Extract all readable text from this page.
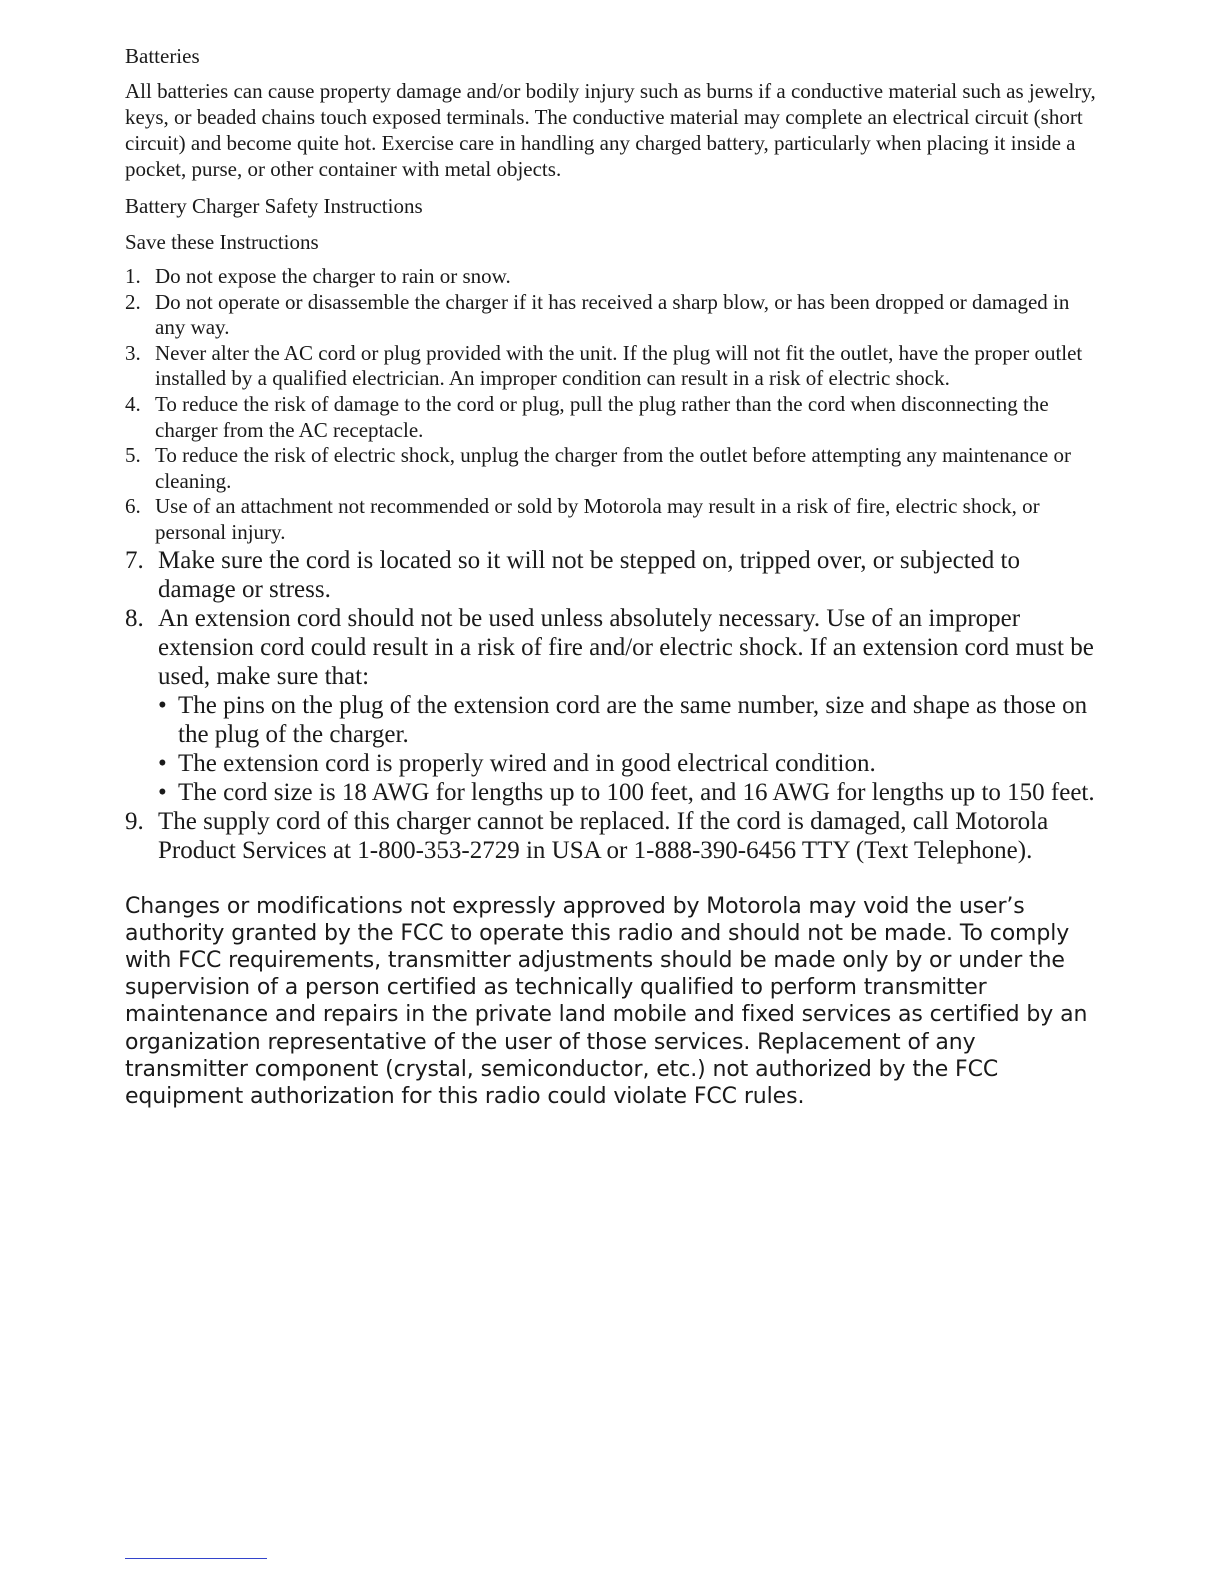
Batteries

All batteries can cause property damage and/or bodily injury such as burns if a conductive material such as jewelry, keys, or beaded chains touch exposed terminals. The conductive material may complete an electrical circuit (short circuit) and become quite hot. Exercise care in handling any charged battery, particularly when placing it inside a pocket, purse, or other container with metal objects.

Battery Charger Safety Instructions
Save these Instructions
1. Do not expose the charger to rain or snow.
2. Do not operate or disassemble the charger if it has received a sharp blow, or has been dropped or damaged in any way.
3. Never alter the AC cord or plug provided with the unit. If the plug will not fit the outlet, have the proper outlet installed by a qualified electrician. An improper condition can result in a risk of electric shock.
4. To reduce the risk of damage to the cord or plug, pull the plug rather than the cord when disconnecting the charger from the AC receptacle.
5. To reduce the risk of electric shock, unplug the charger from the outlet before attempting any maintenance or cleaning.
6. Use of an attachment not recommended or sold by Motorola may result in a risk of fire, electric shock, or personal injury.
7. Make sure the cord is located so it will not be stepped on, tripped over, or subjected to damage or stress.
8. An extension cord should not be used unless absolutely necessary. Use of an improper extension cord could result in a risk of fire and/or electric shock. If an extension cord must be used, make sure that:
• The pins on the plug of the extension cord are the same number, size and shape as those on the plug of the charger.
• The extension cord is properly wired and in good electrical condition.
• The cord size is 18 AWG for lengths up to 100 feet, and 16 AWG for lengths up to 150 feet.
9. The supply cord of this charger cannot be replaced. If the cord is damaged, call Motorola Product Services at 1-800-353-2729 in USA or 1-888-390-6456 TTY (Text Telephone).

Changes or modifications not expressly approved by Motorola may void the user’s authority granted by the FCC to operate this radio and should not be made. To comply with FCC requirements, transmitter adjustments should be made only by or under the supervision of a person certified as technically qualified to perform transmitter maintenance and repairs in the private land mobile and fixed services as certified by an organization representative of the user of those services. Replacement of any transmitter component (crystal, semiconductor, etc.) not authorized by the FCC equipment authorization for this radio could violate FCC rules.
